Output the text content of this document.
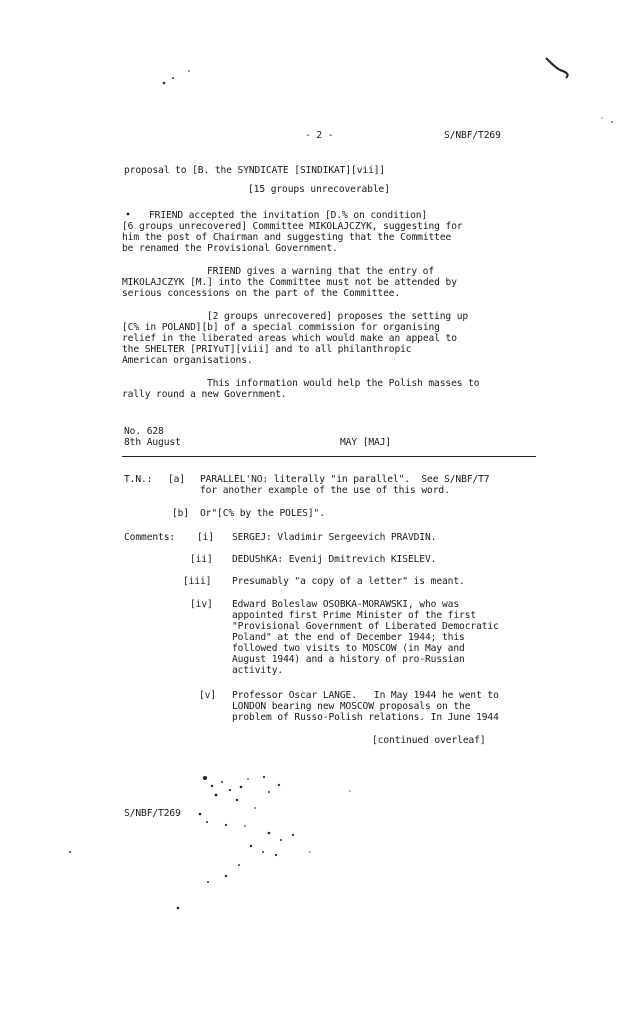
- 2 -	S/NBF/T269
proposal to [B. the SYNDICATE [SINDIKAT][vii]]
[15 groups unrecoverable]
FRIEND accepted the invitation [D.% on condition]
[6 groups unrecovered] Committee MIKOLAJCZYK, suggesting for
him the post of Chairman and suggesting that the Committee
be renamed the Provisional Government.
FRIEND gives a warning that the entry of
MIKOLAJCZYK [M.] into the Committee must not be attended by
serious concessions on the part of the Committee.
[2 groups unrecovered] proposes the setting up
[C% in POLAND][b] of a special commission for organising
relief in the liberated areas which would make an appeal to
the SHELTER [PRIYuT][viii] and to all philanthropic
American organisations.
This information would help the Polish masses to
rally round a new Government.
No. 628
8th August	MAY [MAJ]
T.N.: [a] PARALLEL'NO: literally "in parallel".  See S/NBF/T7
for another example of the use of this word.
[b] Or"[C% by the POLES]".
Comments: [i] SERGEJ: Vladimir Sergeevich PRAVDIN.
[ii] DEDUShKA: Evenij Dmitrevich KISELEV.
[iii] Presumably "a copy of a letter" is meant.
[iv] Edward Boleslaw OSOBKA-MORAWSKI, who was
appointed first Prime Minister of the first
"Provisional Government of Liberated Democratic
Poland" at the end of December 1944; this
followed two visits to MOSCOW (in May and
August 1944) and a history of pro-Russian
activity.
[v] Professor Oscar LANGE.   In May 1944 he went to
LONDON bearing new MOSCOW proposals on the
problem of Russo-Polish relations. In June 1944
[continued overleaf]
S/NBF/T269
